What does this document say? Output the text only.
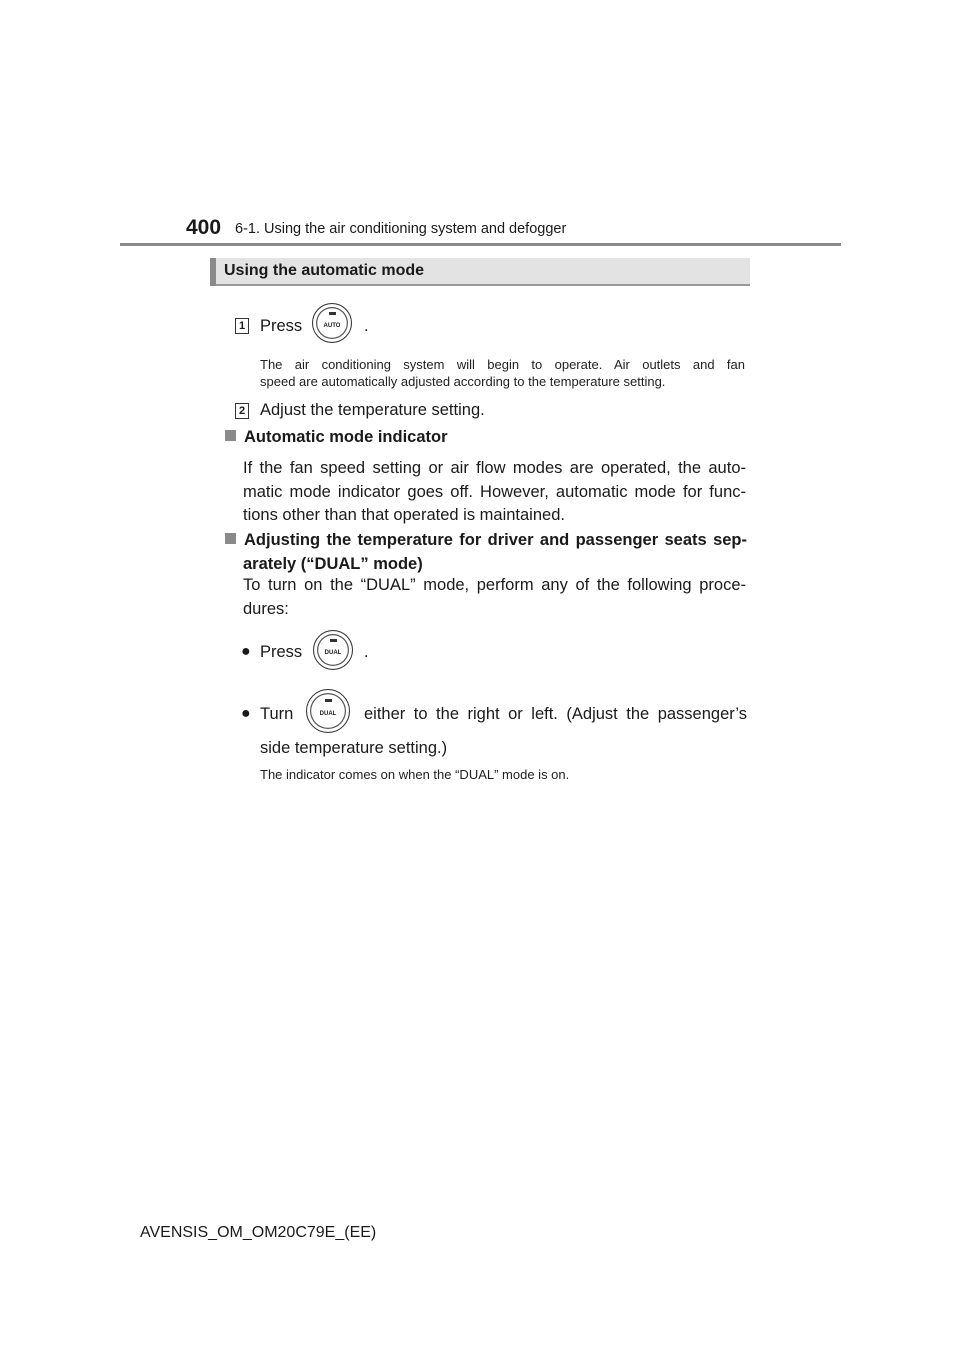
400 6-1. Using the air conditioning system and defogger
Using the automatic mode
1 Press	AUTO	.
The air conditioning system will begin to operate. Air outlets and fan
speed are automatically adjusted according to the temperature setting.
2 Adjust the temperature setting.
Automatic mode indicator
If the fan speed setting or air flow modes are operated, the auto-
matic mode indicator goes off. However, automatic mode for func-
tions other than that operated is maintained.
Adjusting the temperature for driver and passenger seats sep-
arately (“DUAL” mode)
To turn on the “DUAL” mode, perform any of the following proce-
dures:
● Press	DUAL	.
● Turn	DUAL	either to the right or left. (Adjust the passenger’s
side temperature setting.)
The indicator comes on when the “DUAL” mode is on.
AVENSIS_OM_OM20C79E_(EE)
